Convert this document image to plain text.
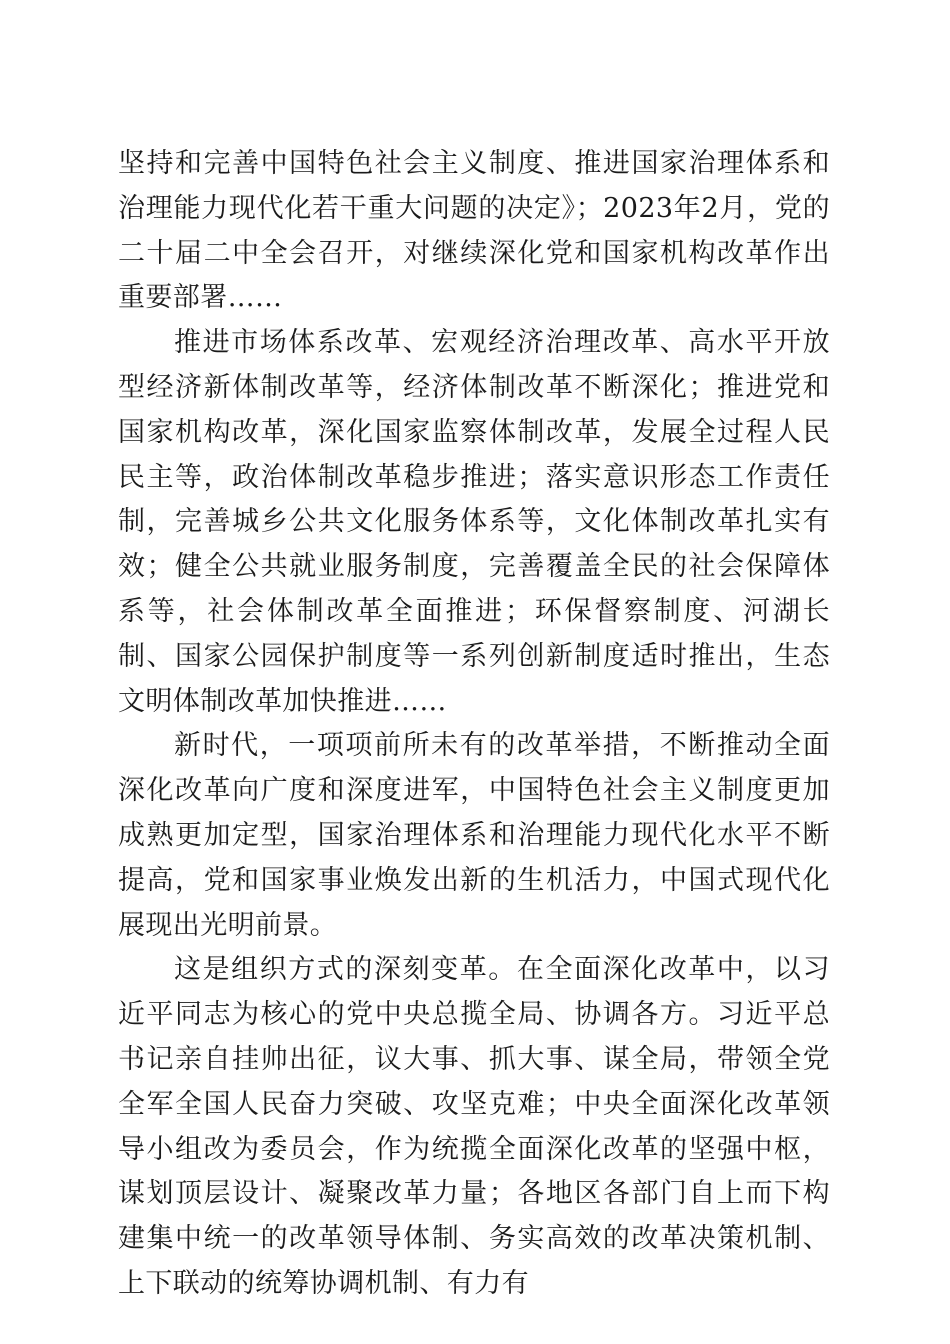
坚持和完善中国特色社会主义制度、推进国家治理体系和治理能力现代化若干重大问题的决定》；2023年2月，党的二十届二中全会召开，对继续深化党和国家机构改革作出重要部署……

推进市场体系改革、宏观经济治理改革、高水平开放型经济新体制改革等，经济体制改革不断深化；推进党和国家机构改革，深化国家监察体制改革，发展全过程人民民主等，政治体制改革稳步推进；落实意识形态工作责任制，完善城乡公共文化服务体系等，文化体制改革扎实有效；健全公共就业服务制度，完善覆盖全民的社会保障体系等，社会体制改革全面推进；环保督察制度、河湖长制、国家公园保护制度等一系列创新制度适时推出，生态文明体制改革加快推进……

新时代，一项项前所未有的改革举措，不断推动全面深化改革向广度和深度进军，中国特色社会主义制度更加成熟更加定型，国家治理体系和治理能力现代化水平不断提高，党和国家事业焕发出新的生机活力，中国式现代化展现出光明前景。

这是组织方式的深刻变革。在全面深化改革中，以习近平同志为核心的党中央总揽全局、协调各方。习近平总书记亲自挂帅出征，议大事、抓大事、谋全局，带领全党全军全国人民奋力突破、攻坚克难；中央全面深化改革领导小组改为委员会，作为统揽全面深化改革的坚强中枢，谋划顶层设计、凝聚改革力量；各地区各部门自上而下构建集中统一的改革领导体制、务实高效的改革决策机制、上下联动的统筹协调机制、有力有
